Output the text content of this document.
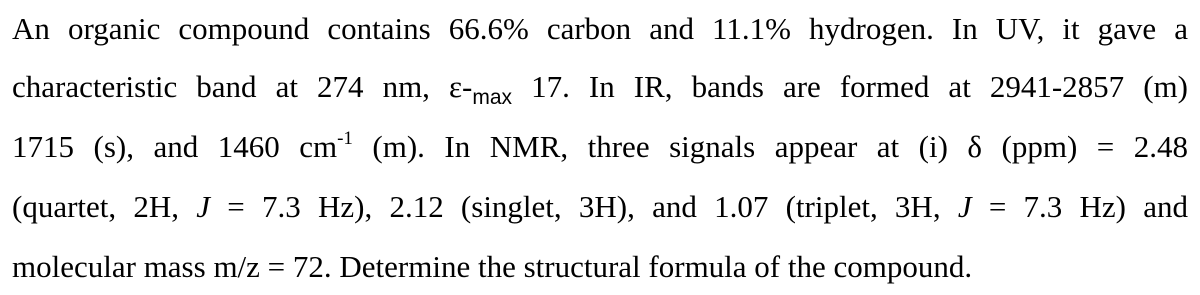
An organic compound contains 66.6% carbon and 11.1% hydrogen. In UV, it gave a
characteristic band at 274 nm, $\varepsilon-_{max}$ 17. In IR, bands are formed at 2941-2857 (m)
1715 (s), and 1460 $cm^{-1}$ (m). In NMR, three signals appear at (i) δ (ppm) = 2.48
(quartet, 2H, J = 7.3 Hz), 2.12 (singlet, 3H), and 1.07 (triplet, 3H, J = 7.3 Hz) and
molecular mass m/z = 72. Determine the structural formula of the compound.
